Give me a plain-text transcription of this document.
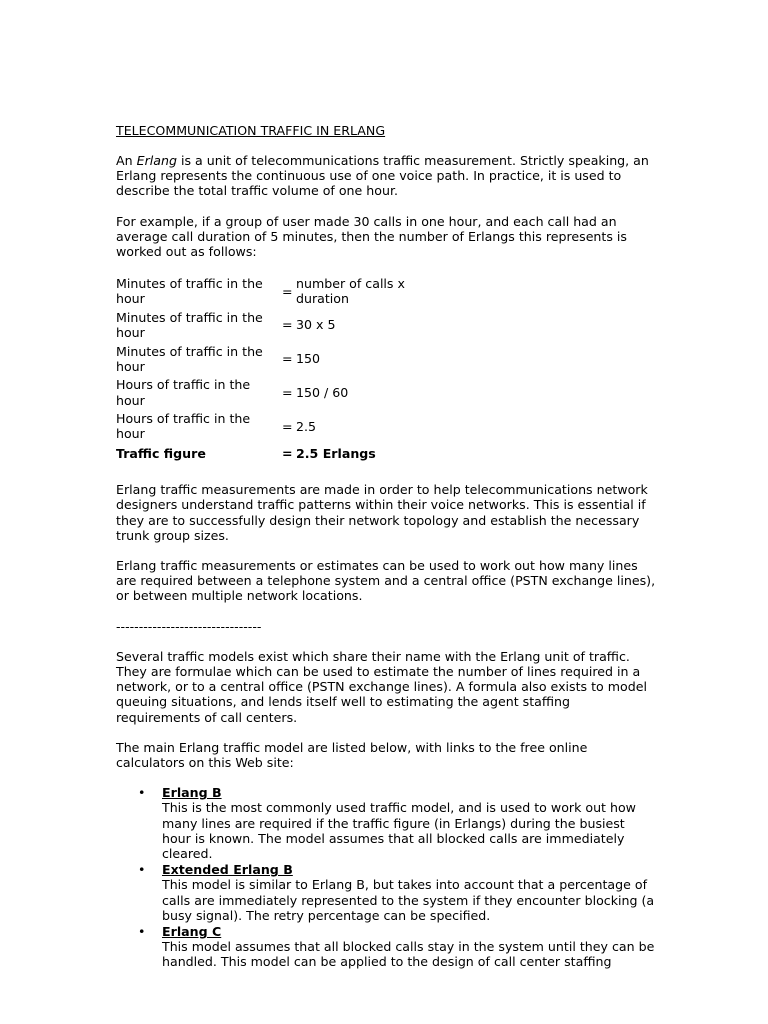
TELECOMMUNICATION TRAFFIC IN ERLANG

An Erlang is a unit of telecommunications traffic measurement. Strictly speaking, an Erlang represents the continuous use of one voice path. In practice, it is used to describe the total traffic volume of one hour.

For example, if a group of user made 30 calls in one hour, and each call had an average call duration of 5 minutes, then the number of Erlangs this represents is worked out as follows:

Minutes of traffic in the hour	=	number of calls x duration
Minutes of traffic in the hour	=	30 x 5
Minutes of traffic in the hour	=	150
Hours of traffic in the hour	=	150 / 60
Hours of traffic in the hour	=	2.5
Traffic figure	=	2.5 Erlangs

Erlang traffic measurements are made in order to help telecommunications network designers understand traffic patterns within their voice networks. This is essential if they are to successfully design their network topology and establish the necessary trunk group sizes.

Erlang traffic measurements or estimates can be used to work out how many lines are required between a telephone system and a central office (PSTN exchange lines), or between multiple network locations.

--------------------------------

Several traffic models exist which share their name with the Erlang unit of traffic. They are formulae which can be used to estimate the number of lines required in a network, or to a central office (PSTN exchange lines). A formula also exists to model queuing situations, and lends itself well to estimating the agent staffing requirements of call centers.

The main Erlang traffic model are listed below, with links to the free online calculators on this Web site:

• Erlang B
This is the most commonly used traffic model, and is used to work out how many lines are required if the traffic figure (in Erlangs) during the busiest hour is known. The model assumes that all blocked calls are immediately cleared.
• Extended Erlang B
This model is similar to Erlang B, but takes into account that a percentage of calls are immediately represented to the system if they encounter blocking (a busy signal). The retry percentage can be specified.
• Erlang C
This model assumes that all blocked calls stay in the system until they can be handled. This model can be applied to the design of call center staffing
